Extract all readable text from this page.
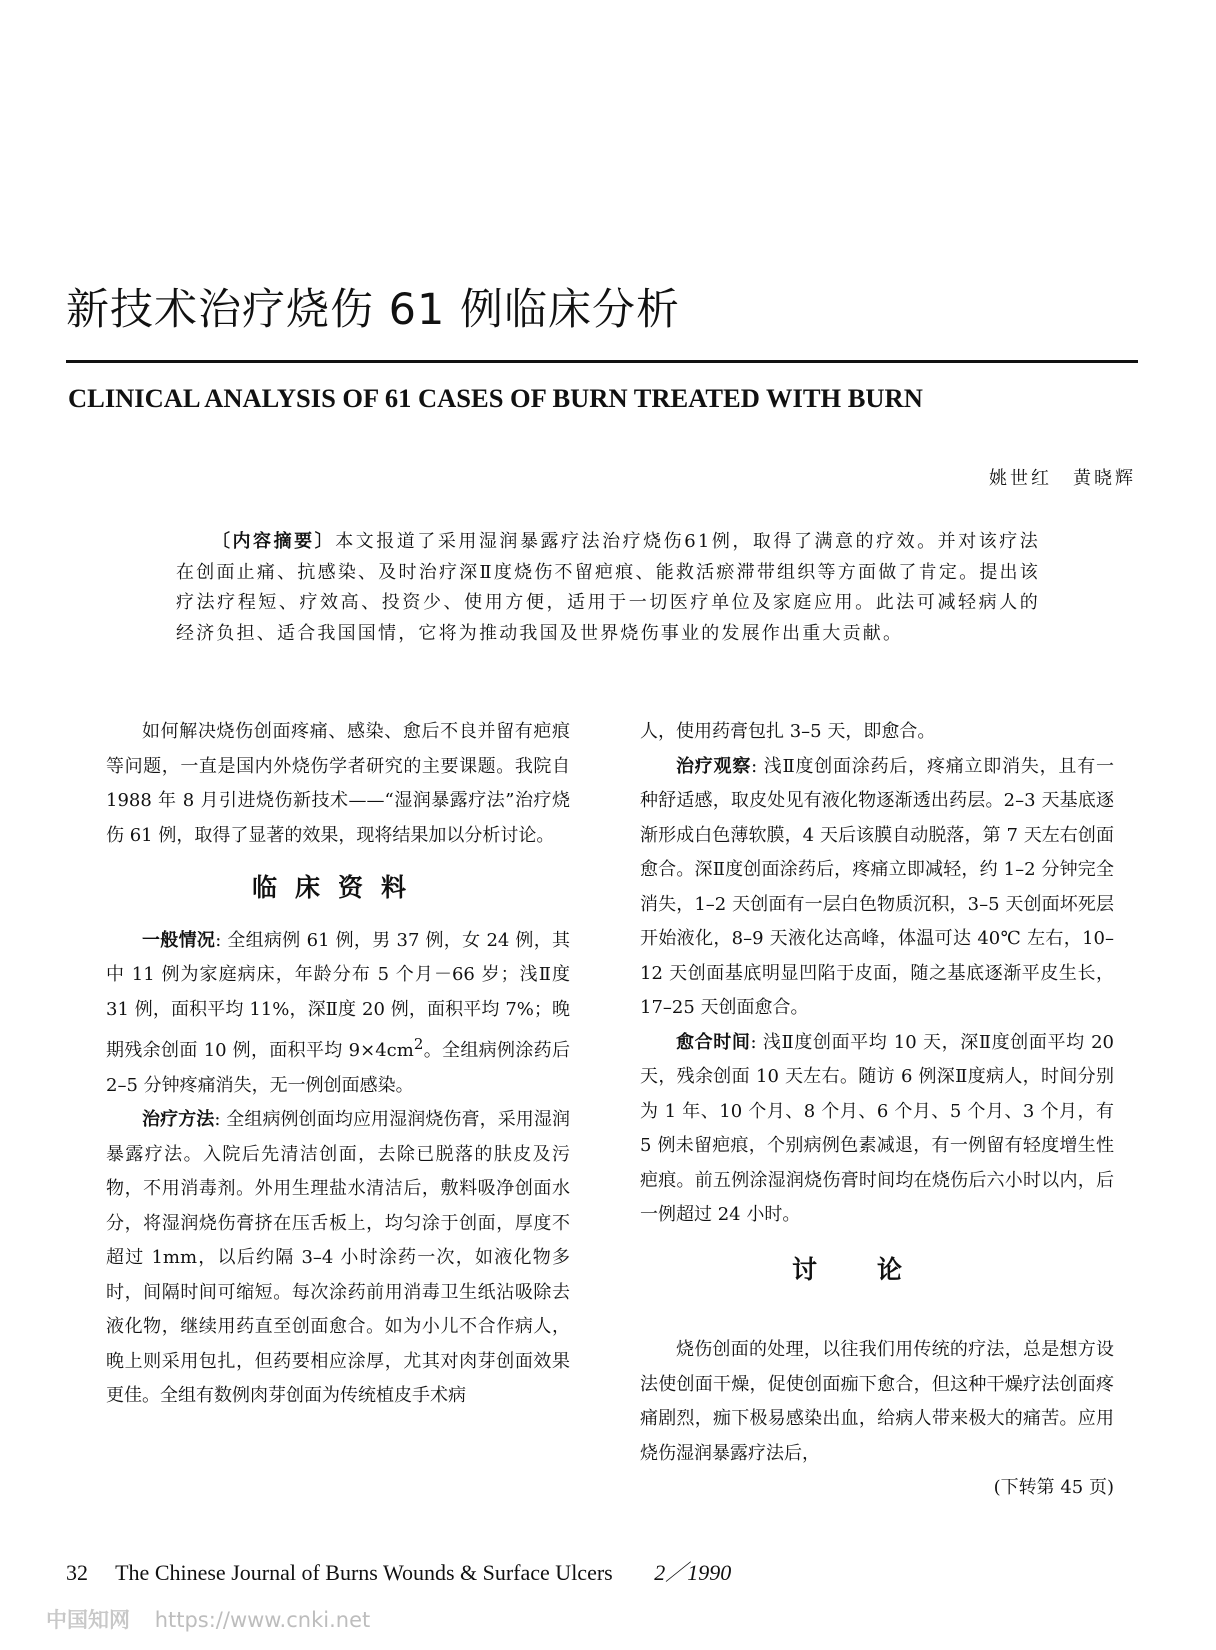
新技术治疗烧伤 61 例临床分析
CLINICAL ANALYSIS OF 61 CASES OF BURN TREATED WITH BURN
姚世红　黄晓辉

〔内容摘要〕本文报道了采用湿润暴露疗法治疗烧伤61例，取得了满意的疗效。并对该疗法在创面止痛、抗感染、及时治疗深Ⅱ度烧伤不留疤痕、能救活瘀滞带组织等方面做了肯定。提出该疗法疗程短、疗效高、投资少、使用方便，适用于一切医疗单位及家庭应用。此法可减轻病人的经济负担、适合我国国情，它将为推动我国及世界烧伤事业的发展作出重大贡献。

如何解决烧伤创面疼痛、感染、愈后不良并留有疤痕等问题，一直是国内外烧伤学者研究的主要课题。我院自 1988 年 8 月引进烧伤新技术——“湿润暴露疗法”治疗烧伤 61 例，取得了显著的效果，现将结果加以分析讨论。

临床资料

一般情况: 全组病例 61 例，男 37 例，女 24 例，其中 11 例为家庭病床，年龄分布 5 个月－66 岁；浅Ⅱ度 31 例，面积平均 11%，深Ⅱ度 20 例，面积平均 7%；晚期残余创面 10 例，面积平均 $9\times 4cm^2$。全组病例涂药后 2–5 分钟疼痛消失，无一例创面感染。

治疗方法: 全组病例创面均应用湿润烧伤膏，采用湿润暴露疗法。入院后先清洁创面，去除已脱落的肤皮及污物，不用消毒剂。外用生理盐水清洁后，敷料吸净创面水分，将湿润烧伤膏挤在压舌板上，均匀涂于创面，厚度不超过 1mm，以后约隔 3–4 小时涂药一次，如液化物多时，间隔时间可缩短。每次涂药前用消毒卫生纸沾吸除去液化物，继续用药直至创面愈合。如为小儿不合作病人，晚上则采用包扎，但药要相应涂厚，尤其对肉芽创面效果更佳。全组有数例肉芽创面为传统植皮手术病

人，使用药膏包扎 3–5 天，即愈合。

治疗观察: 浅Ⅱ度创面涂药后，疼痛立即消失，且有一种舒适感，取皮处见有液化物逐渐透出药层。2–3 天基底逐渐形成白色薄软膜，4 天后该膜自动脱落，第 7 天左右创面愈合。深Ⅱ度创面涂药后，疼痛立即减轻，约 1–2 分钟完全消失，1–2 天创面有一层白色物质沉积，3–5 天创面坏死层开始液化，8–9 天液化达高峰，体温可达 40℃ 左右，10–12 天创面基底明显凹陷于皮面，随之基底逐渐平皮生长，17–25 天创面愈合。

愈合时间: 浅Ⅱ度创面平均 10 天，深Ⅱ度创面平均 20 天，残余创面 10 天左右。随访 6 例深Ⅱ度病人，时间分别为 1 年、10 个月、8 个月、6 个月、5 个月、3 个月，有 5 例未留疤痕，个别病例色素减退，有一例留有轻度增生性疤痕。前五例涂湿润烧伤膏时间均在烧伤后六小时以内，后一例超过 24 小时。

讨论

烧伤创面的处理，以往我们用传统的疗法，总是想方设法使创面干燥，促使创面痂下愈合，但这种干燥疗法创面疼痛剧烈，痂下极易感染出血，给病人带来极大的痛苦。应用烧伤湿润暴露疗法后，

(下转第 45 页)

32 The Chinese Journal of Burns Wounds & Surface Ulcers 2／1990
中国知网 https://www.cnki.net
